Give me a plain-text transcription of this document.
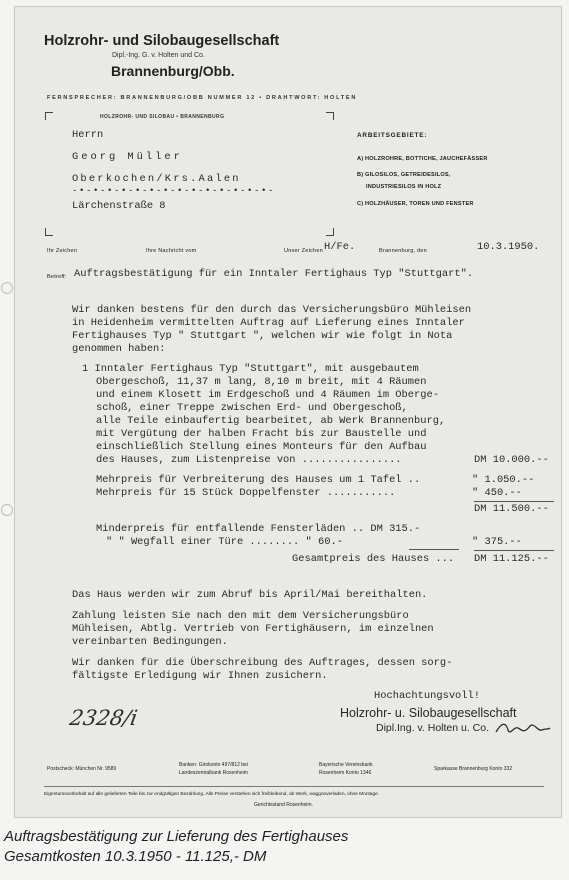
Holzrohr- und Silobaugesellschaft
Dipl.-Ing. G. v. Holten und Co.
Brannenburg/Obb.
FERNSPRECHER: BRANNENBURG/OBB NUMMER 12 • DRAHTWORT: HOLTEN
HOLZROHR- UND SILOBAU • BRANNENBURG
Herrn
Georg Müller
Oberkochen/Krs.Aalen
-•-•-•-•-•-•-•-•-•-•-•-•-•-•-
Lärchenstraße 8
ARBEITSGEBIETE:
A) HOLZROHRE, BOTTICHE, JAUCHEFÄSSER
B) GILOSILOS, GETREIDESILOS,
INDUSTRIESILOS IN HOLZ
C) HOLZHÄUSER, TOREN UND FENSTER
Ihr Zeichen	Ihre Nachricht vom	Unser Zeichen H/Fe.	Brannenburg, den	10.3.1950.
Betreff: Auftragsbestätigung für ein Inntaler Fertighaus Typ "Stuttgart".
Wir danken bestens für den durch das Versicherungsbüro Mühleisen
in Heidenheim vermittelten Auftrag auf Lieferung eines Inntaler
Fertighauses Typ " Stuttgart ", welchen wir wie folgt in Nota
genommen haben:
1 Inntaler Fertighaus Typ "Stuttgart", mit ausgebautem
Obergeschoß, 11,37 m lang, 8,10 m breit, mit 4 Räumen
und einem Klosett im Erdgeschoß und 4 Räumen im Oberge-
schoß, einer Treppe zwischen Erd- und Obergeschoß,
alle Teile einbaufertig bearbeitet, ab Werk Brannenburg,
mit Vergütung der halben Fracht bis zur Baustelle und
einschließlich Stellung eines Monteurs für den Aufbau
des Hauses, zum Listenpreise von ................	DM 10.000.--
Mehrpreis für Verbreiterung des Hauses um 1 Tafel ..	" 1.050.--
Mehrpreis für 15 Stück Doppelfenster ...........	" 450.--
DM 11.500.--
Minderpreis für entfallende Fensterläden .. DM 315.-
" " Wegfall einer Türe ........ " 60.-	" 375.--
Gesamtpreis des Hauses ... DM 11.125.--
Das Haus werden wir zum Abruf bis April/Mai bereithalten.
Zahlung leisten Sie nach den mit dem Versicherungsbüro
Mühleisen, Abtlg. Vertrieb von Fertighäusern, im einzelnen
vereinbarten Bedingungen.
Wir danken für die Überschreibung des Auftrages, dessen sorg-
fältigste Erledigung wir Ihnen zusichern.
Hochachtungsvoll!
Holzrohr- u. Silobaugesellschaft
Dipl.Ing. v. Holten u. Co.
2328/i
Postscheck: München Nr. 9589
Banken: Girokonto 497/812 bei
Landeszentralbank Rosenheim
Bayerische Vereinsbank
Rosenheim Konto 1346
Sparkasse Brannenburg Konto 332
Eigentumsvorbehalt auf alle gelieferten Teile bis zur endgültigen Bezahlung. Alle Preise verstehen sich freibleibend, ab Werk, waggonverladen, ohne Montage.
Gerichtsstand Rosenheim.
Auftragsbestätigung zur Lieferung des Fertighauses
Gesamtkosten 10.3.1950 - 11.125,- DM
